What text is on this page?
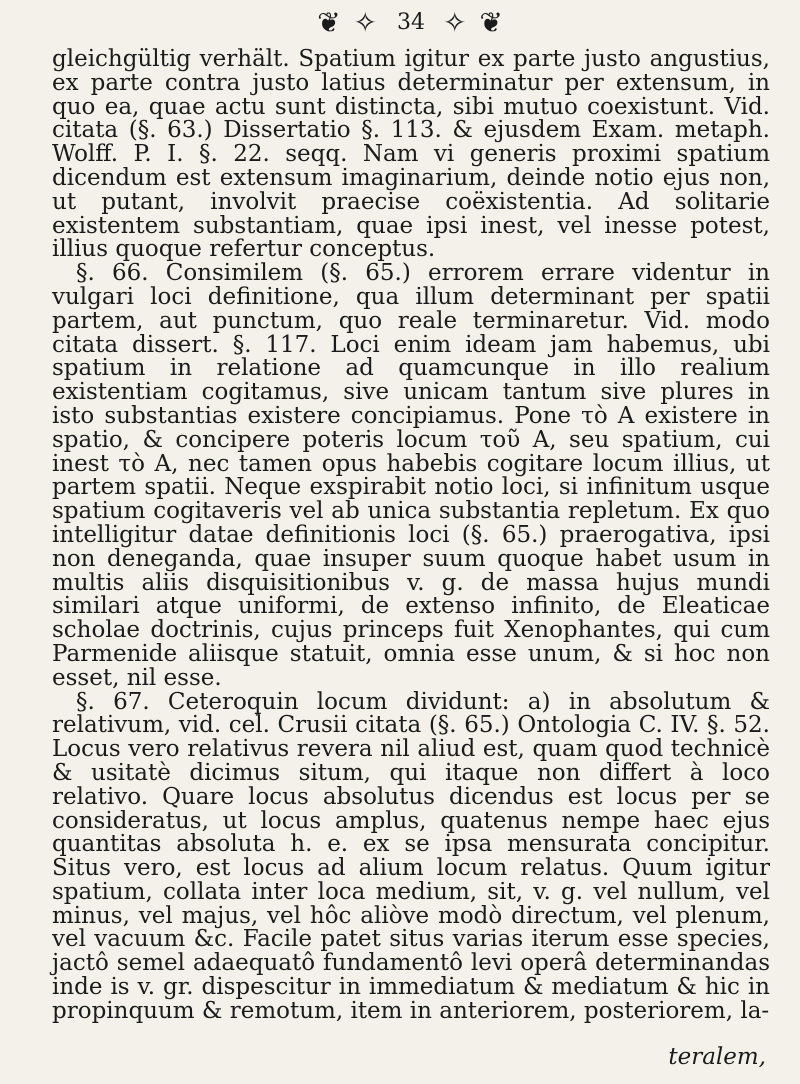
❦ ✧ 34 ✧ ❦

gleichgültig verhält. Spatium igitur ex parte justo angustius, ex parte contra justo latius determinatur per extensum, in quo ea, quae actu sunt distincta, sibi mutuo coexistunt. Vid. citata (§. 63.) Dissertatio §. 113. & ejusdem Exam. metaph. Wolff. P. I. §. 22. seqq. Nam vi generis proximi spatium dicendum est extensum imaginarium, deinde notio ejus non, ut putant, involvit praecise coëxistentia. Ad solitarie existentem substantiam, quae ipsi inest, vel inesse potest, illius quoque refertur conceptus.

§. 66. Consimilem (§. 65.) errorem errare videntur in vulgari loci definitione, qua illum determinant per spatii partem, aut punctum, quo reale terminaretur. Vid. modo citata dissert. §. 117. Loci enim ideam jam habemus, ubi spatium in relatione ad quamcunque in illo realium existentiam cogitamus, sive unicam tantum sive plures in isto substantias existere concipiamus. Pone τὸ A existere in spatio, & concipere poteris locum τοῦ A, seu spatium, cui inest τὸ A, nec tamen opus habebis cogitare locum illius, ut partem spatii. Neque exspirabit notio loci, si infinitum usque spatium cogitaveris vel ab unica substantia repletum. Ex quo intelligitur datae definitionis loci (§. 65.) praerogativa, ipsi non deneganda, quae insuper suum quoque habet usum in multis aliis disquisitionibus v. g. de massa hujus mundi similari atque uniformi, de extenso infinito, de Eleaticae scholae doctrinis, cujus princeps fuit Xenophantes, qui cum Parmenide aliisque statuit, omnia esse unum, & si hoc non esset, nil esse.

§. 67. Ceteroquin locum dividunt: a) in absolutum & relativum, vid. cel. Crusii citata (§. 65.) Ontologia C. IV. §. 52. Locus vero relativus revera nil aliud est, quam quod technicè & usitatè dicimus situm, qui itaque non differt à loco relativo. Quare locus absolutus dicendus est locus per se consideratus, ut locus amplus, quatenus nempe haec ejus quantitas absoluta h. e. ex se ipsa mensurata concipitur. Situs vero, est locus ad alium locum relatus. Quum igitur spatium, collata inter loca medium, sit, v. g. vel nullum, vel minus, vel majus, vel hôc aliòve modò directum, vel plenum, vel vacuum &c. Facile patet situs varias iterum esse species, jactô semel adaequatô fundamentô levi operâ determinandas inde is v. gr. dispescitur in immediatum & mediatum & hic in propinquum & remotum, item in anteriorem, posteriorem, la-

teralem,
